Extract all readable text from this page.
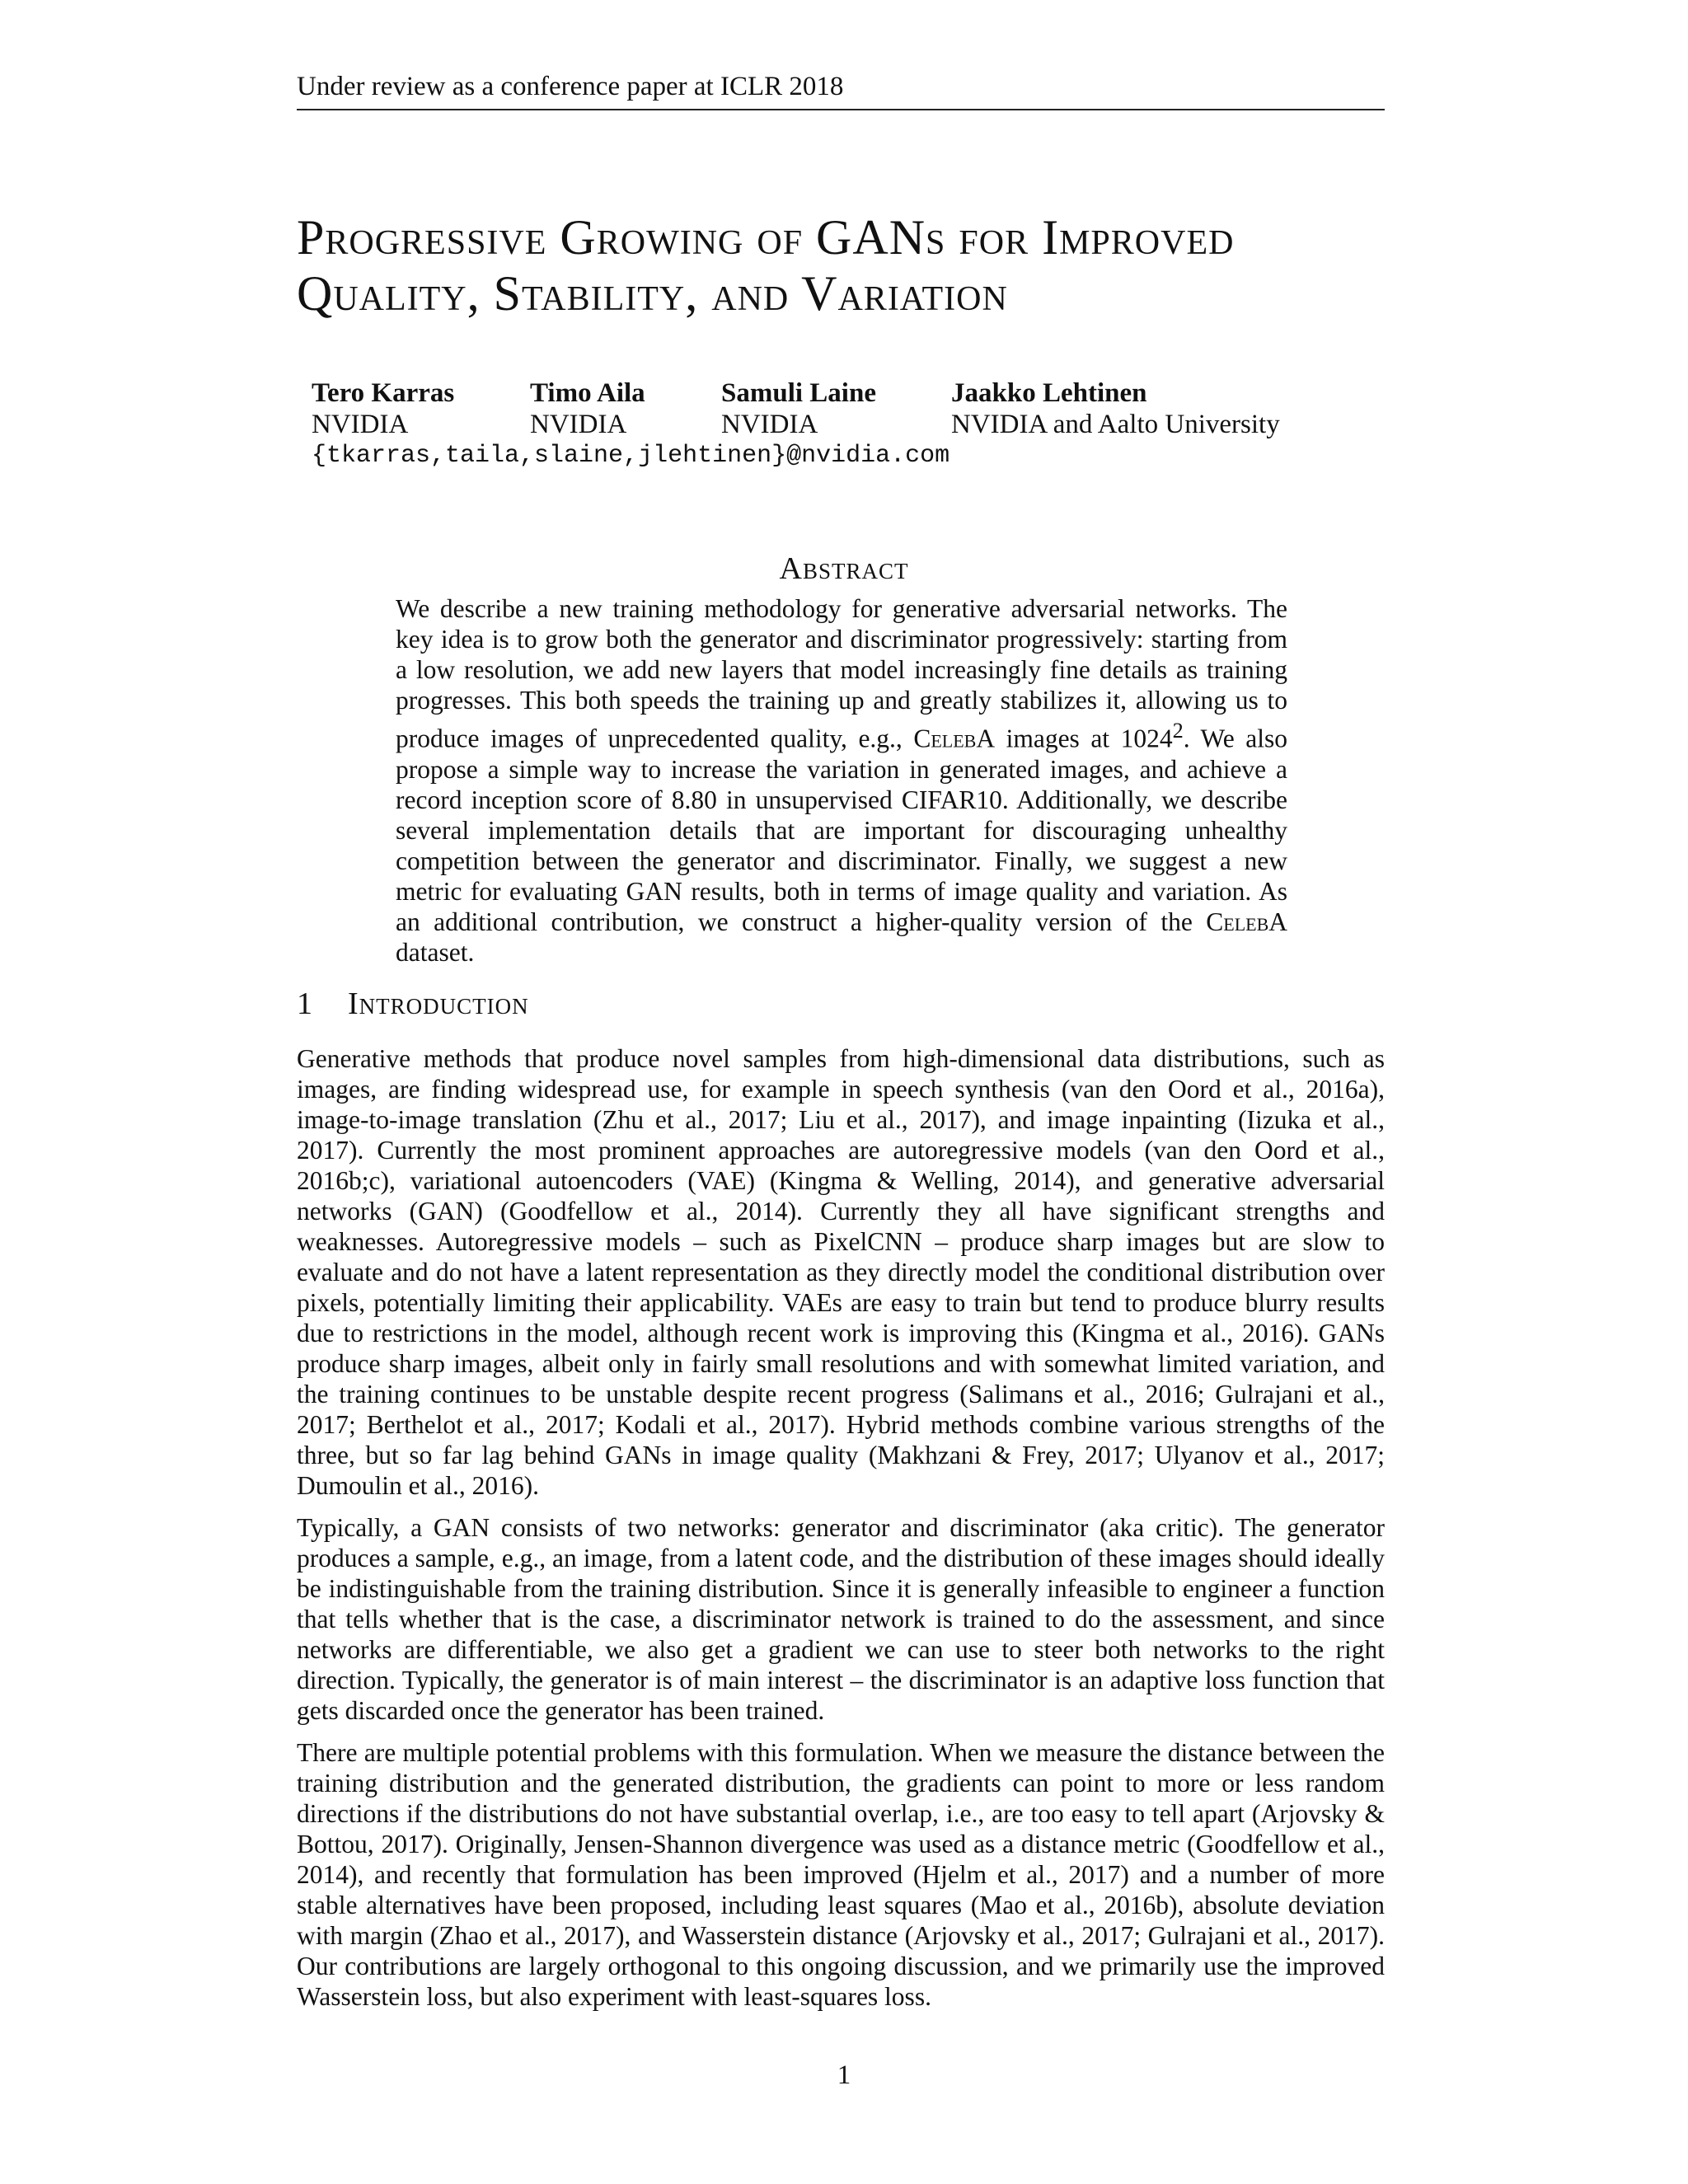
Under review as a conference paper at ICLR 2018
Progressive Growing of GANs for Improved
Quality, Stability, and Variation
Tero Karras
NVIDIA
Timo Aila
NVIDIA
Samuli Laine
NVIDIA
Jaakko Lehtinen
NVIDIA and Aalto University
{tkarras,taila,slaine,jlehtinen}@nvidia.com
Abstract
We describe a new training methodology for generative adversarial networks. The key idea is to grow both the generator and discriminator progressively: starting from a low resolution, we add new layers that model increasingly fine details as training progresses. This both speeds the training up and greatly stabilizes it, allowing us to produce images of unprecedented quality, e.g., CelebA images at 1024$^2$. We also propose a simple way to increase the variation in generated images, and achieve a record inception score of 8.80 in unsupervised CIFAR10. Additionally, we describe several implementation details that are important for discouraging unhealthy competition between the generator and discriminator. Finally, we suggest a new metric for evaluating GAN results, both in terms of image quality and variation. As an additional contribution, we construct a higher-quality version of the CelebA dataset.
1 Introduction

Generative methods that produce novel samples from high-dimensional data distributions, such as images, are finding widespread use, for example in speech synthesis (van den Oord et al., 2016a), image-to-image translation (Zhu et al., 2017; Liu et al., 2017), and image inpainting (Iizuka et al., 2017). Currently the most prominent approaches are autoregressive models (van den Oord et al., 2016b;c), variational autoencoders (VAE) (Kingma & Welling, 2014), and generative adversarial networks (GAN) (Goodfellow et al., 2014). Currently they all have significant strengths and weaknesses. Autoregressive models – such as PixelCNN – produce sharp images but are slow to evaluate and do not have a latent representation as they directly model the conditional distribution over pixels, potentially limiting their applicability. VAEs are easy to train but tend to produce blurry results due to restrictions in the model, although recent work is improving this (Kingma et al., 2016). GANs produce sharp images, albeit only in fairly small resolutions and with somewhat limited variation, and the training continues to be unstable despite recent progress (Salimans et al., 2016; Gulrajani et al., 2017; Berthelot et al., 2017; Kodali et al., 2017). Hybrid methods combine various strengths of the three, but so far lag behind GANs in image quality (Makhzani & Frey, 2017; Ulyanov et al., 2017; Dumoulin et al., 2016).

Typically, a GAN consists of two networks: generator and discriminator (aka critic). The generator produces a sample, e.g., an image, from a latent code, and the distribution of these images should ideally be indistinguishable from the training distribution. Since it is generally infeasible to engineer a function that tells whether that is the case, a discriminator network is trained to do the assessment, and since networks are differentiable, we also get a gradient we can use to steer both networks to the right direction. Typically, the generator is of main interest – the discriminator is an adaptive loss function that gets discarded once the generator has been trained.

There are multiple potential problems with this formulation. When we measure the distance between the training distribution and the generated distribution, the gradients can point to more or less random directions if the distributions do not have substantial overlap, i.e., are too easy to tell apart (Arjovsky & Bottou, 2017). Originally, Jensen-Shannon divergence was used as a distance metric (Goodfellow et al., 2014), and recently that formulation has been improved (Hjelm et al., 2017) and a number of more stable alternatives have been proposed, including least squares (Mao et al., 2016b), absolute deviation with margin (Zhao et al., 2017), and Wasserstein distance (Arjovsky et al., 2017; Gulrajani et al., 2017). Our contributions are largely orthogonal to this ongoing discussion, and we primarily use the improved Wasserstein loss, but also experiment with least-squares loss.

1
